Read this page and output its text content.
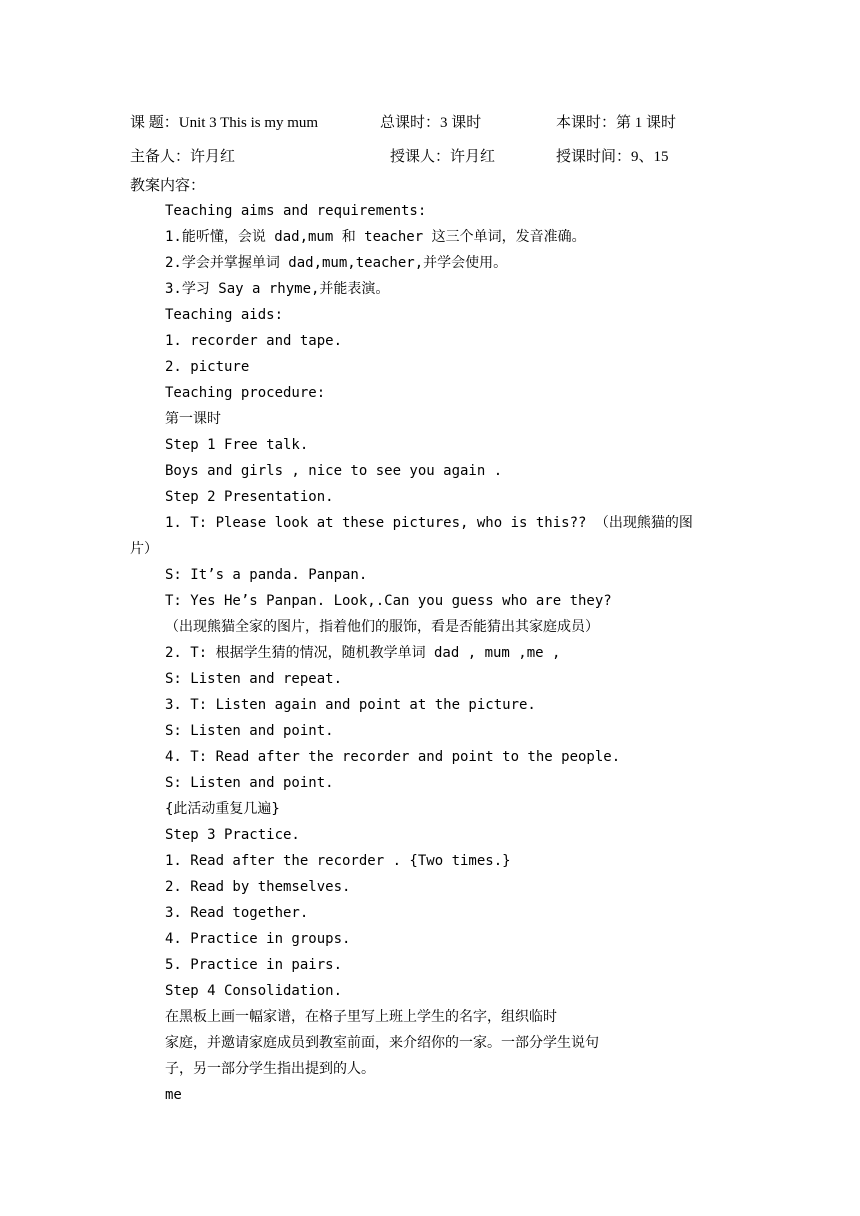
课 题：Unit 3 This is my mum	总课时：3 课时	本课时：第 1 课时
主备人：许月红	授课人：许月红	授课时间：9、15
教案内容：
Teaching aims and requirements:
1.能听懂，会说 dad,mum 和 teacher 这三个单词，发音准确。
2.学会并掌握单词 dad,mum,teacher,并学会使用。
3.学习 Say a rhyme,并能表演。
Teaching aids:
1. recorder and tape.
2. picture
Teaching procedure:
第一课时
Step 1 Free talk.
Boys and girls , nice to see you again .
Step 2 Presentation.
1. T: Please look at these pictures, who is this?? （出现熊猫的图
片）
S: It’s a panda. Panpan.
T: Yes He’s Panpan. Look,.Can you guess who are they?
（出现熊猫全家的图片，指着他们的服饰，看是否能猜出其家庭成员）
2. T: 根据学生猜的情况，随机教学单词 dad , mum ,me ,
S: Listen and repeat.
3. T: Listen again and point at the picture.
S: Listen and point.
4. T: Read after the recorder and point to the people.
S: Listen and point.
{此活动重复几遍}
Step 3 Practice.
1. Read after the recorder . {Two times.}
2. Read by themselves.
3. Read together.
4. Practice in groups.
5. Practice in pairs.
Step 4 Consolidation.
在黑板上画一幅家谱，在格子里写上班上学生的名字，组织临时
家庭，并邀请家庭成员到教室前面，来介绍你的一家。一部分学生说句
子，另一部分学生指出提到的人。
me
